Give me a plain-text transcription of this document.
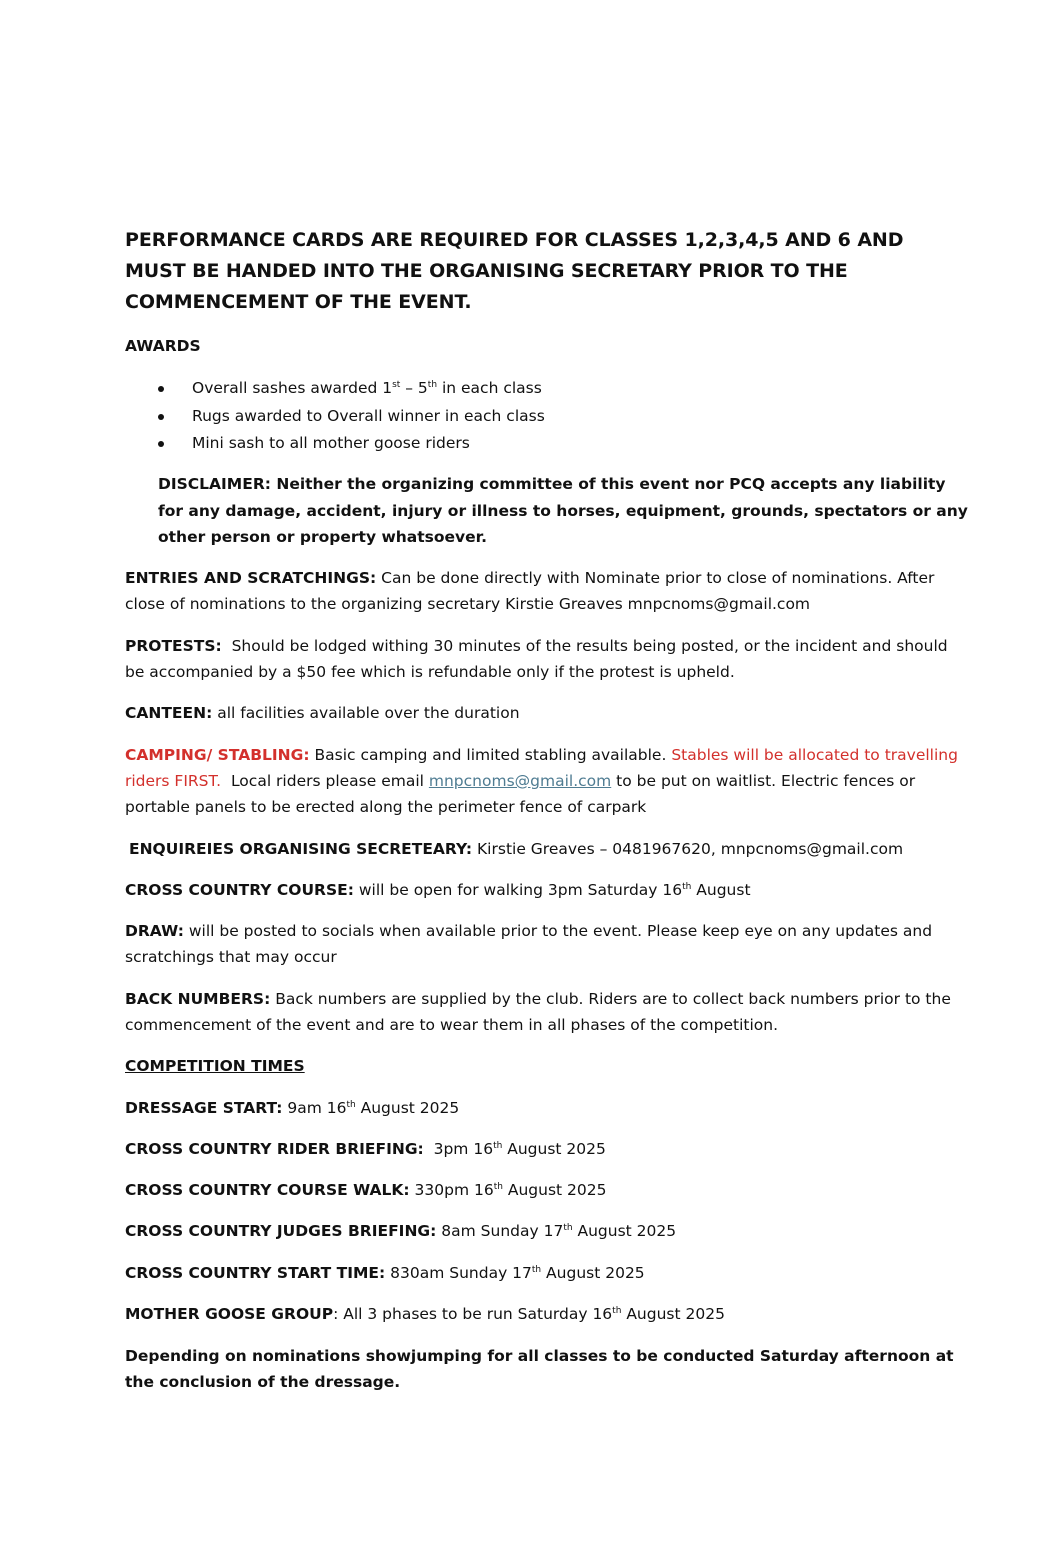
PERFORMANCE CARDS ARE REQUIRED FOR CLASSES 1,2,3,4,5 AND 6 AND MUST BE HANDED INTO THE ORGANISING SECRETARY PRIOR TO THE COMMENCEMENT OF THE EVENT.
AWARDS
Overall sashes awarded 1st – 5th in each class
Rugs awarded to Overall winner in each class
Mini sash to all mother goose riders
DISCLAIMER: Neither the organizing committee of this event nor PCQ accepts any liability for any damage, accident, injury or illness to horses, equipment, grounds, spectators or any other person or property whatsoever.
ENTRIES AND SCRATCHINGS: Can be done directly with Nominate prior to close of nominations. After close of nominations to the organizing secretary Kirstie Greaves mnpcnoms@gmail.com
PROTESTS:  Should be lodged withing 30 minutes of the results being posted, or the incident and should be accompanied by a $50 fee which is refundable only if the protest is upheld.
CANTEEN: all facilities available over the duration
CAMPING/ STABLING: Basic camping and limited stabling available. Stables will be allocated to travelling riders FIRST.  Local riders please email mnpcnoms@gmail.com to be put on waitlist. Electric fences or portable panels to be erected along the perimeter fence of carpark
ENQUIREIES ORGANISING SECRETEARY: Kirstie Greaves – 0481967620, mnpcnoms@gmail.com
CROSS COUNTRY COURSE: will be open for walking 3pm Saturday 16th August
DRAW: will be posted to socials when available prior to the event. Please keep eye on any updates and scratchings that may occur
BACK NUMBERS: Back numbers are supplied by the club. Riders are to collect back numbers prior to the commencement of the event and are to wear them in all phases of the competition.
COMPETITION TIMES
DRESSAGE START: 9am 16th August 2025
CROSS COUNTRY RIDER BRIEFING:  3pm 16th August 2025
CROSS COUNTRY COURSE WALK: 330pm 16th August 2025
CROSS COUNTRY JUDGES BRIEFING: 8am Sunday 17th August 2025
CROSS COUNTRY START TIME: 830am Sunday 17th August 2025
MOTHER GOOSE GROUP: All 3 phases to be run Saturday 16th August 2025
Depending on nominations showjumping for all classes to be conducted Saturday afternoon at the conclusion of the dressage.
